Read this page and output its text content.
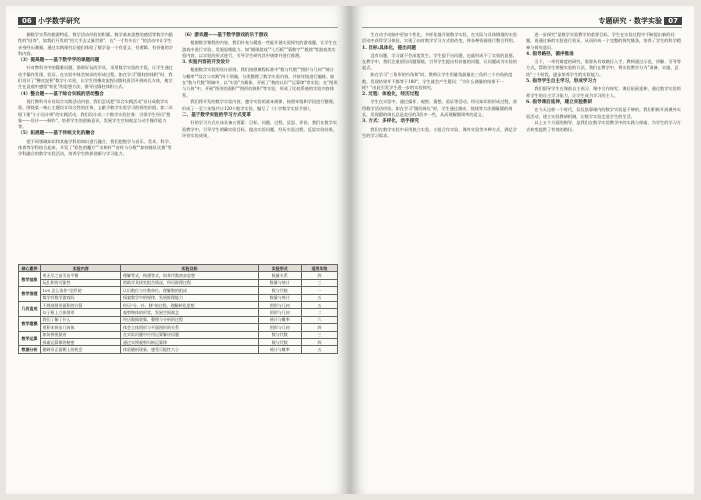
06 小学数学研究

掘数学实系的根源特征，数学活动经验的积累。数学基本思想的感悟等数学内隐性的"回答"，如我们开发的"用大手去丈量世界"，在"一寸有多长？"的活动中让学生亲身经历测量，通过实践探究让他们体验了数学是一个有意义、有逻辑、有价值的学科内容。

（3）提高题——基于数学学的课题问题

针对教科书中的疑难问题，借助好玩的学具，采用数学实验的手段，让学生通过动手操作发现、验证，在实验中体会知识的形成过程。如在学习"圆柱的体积"时，我们设计了"橡皮泥积"数学小实验，让学生用橡皮泥捏出圆柱再切开拼成长方体，使学生在直观中感悟"转化"的思想方法，推导出圆柱体积公式。

（4）整合题——基于综合实践的活动整合

现行教科书专设综合实践活动内容，我们尝试把"综合实践活动"设计成数学实验，围绕某一核心主题设计综合性的任务，义献予数学实验学习的探究价值。如二年级下册"小小设计师"的实践活动，我们设计成二个数学实验任务：引领学生经历"想象——设计——制作"，培养学生的创新意识，发展学生空间观念与动手操作能力等。

（5）拓展题——基于传统文化的融合

把不同领域知识和其他学科的知识进行融合，我们把数学与音乐、美术、科学、体育等学科结合起来，开发了"彩色的魔方""水和杯""音符与分数""如何排队比赛"等学科融合的数学实验活动，培养学生跨界创新与学习能力。

（6）游戏题——基于数学游戏的乐于游戏

根据数学课程的内容，我们补充与精选一些能开展实验探究的游戏题，让学生在游戏中进行实验，发展思维能力。如"摸球游戏""七巧板""猜数字""数独"等游戏类实验内容，以实验的形式进行，引导学生研究其中规律并进行推理。

3. 实验内容的开发设计

根据数学实验的设计原则，我们按照课程标准中"数与代数""图形与几何""统计与概率""综合与实践"四个领域，分类整理了数学实验内容，并按年级进行编排。如在"数与代数"领域中，以"实验"为载体，开展了"数的认识""运算律"等实验；在"图形与几何"中，开展"图形的面积""图形的体积"等实验，形成了比较系统的实验内容体系。

我们将开发的数学实验内容，遵守实验的基本规律，按照年级和学段进行整理，形成了一至六年级共计120个数学实验，编写了《小学数学实验手册》。

二、基于数学实验的学习方式变革

好的学习方式应该具备五要素：目标、问题、过程、反思、评价。我们在数学实验教学中，引导学生明确实验目标，提出实验问题，经历实验过程，反思实验结果，评价实验成果。

核心素养	实验内容	实验目标	实验形式	适用年级
数学抽象	用无尽之苗引出平衡	理解等式，构建等式，培养代数初步思想	数量关系	四
	玩扎积的可能性	借助学具探究组合情况，经历推理过程	数量与统计	三
数学推理	100 怎么读作"完形说"	认识数位与计数单位，理解数的组成	数与代数	一
	数学有数学游戏吗	探索数学中的规律，发展推理能力	数量与统计	五
几何直观	不规则图形面积的计算	经历"分、补、移"的过程，理解转化思想	图形与几何	五
	勾子板上立体图形	观察物体的形状，发展空间观念	图形与几何	二
数学建模	我们了解了什么	经历数据收集、整理与分析的过程	统计与概率	六
	用积木拼出几何体	体会立体图形与平面图形的关系	图形与几何	四
数学运算	如何拼图最省	在实际问题中应用运算解决问题	数与代数	三
	探索运算律的秘密	通过实例观察归纳运算律	数与代数	四
数据分析	抛硬币正面朝上的机会	体验随机现象，感受可能性大小	统计与概率	五
专题研究 · 数学实验 07

生在动手动脑中更加个性化，多样化地开展数学实验，在实际与具体情境的实验活动中获得学习体验，实现了向对数学学习方式的改变，将各种资源进行整合利用。

1. 目标:具体化，提出问题

没有问题，学习就不会深度发生。学生提不出问题，也就形成不了实验的意愿。在教学中，我们注重创设问题情境，引导学生提出有价值的问题，让问题成为实验的起点。

如在学习"三角形的内角和"时，教师让学生用量角器量出三角形三个内角的度数，发现结果并不都等于180°，学生就会产生疑问："为什么测量的结果不一样？"由此引发学生进一步的实验探究。

2. 过程：体验化，经历过程

学生在实验中，通过操作、观察、猜想、验证等活动，经历知识的形成过程，获得数学活动经验。如在学习"圆的周长"时，学生通过滚动、绕线等方法测量圆的周长，发现圆的周长总是直径的3倍多一些，从而理解圆周率的意义。

3. 方式：多样化，动手探究

我们在数学实验中采用独立实验、小组合作实验、课外实验等多种方式，满足学生的学习需求。

进一步探究"是数学实验教学的重要目标。学生在实验过程中不断提出新的问题，再通过新的实验进行验证，从而形成一个完整的探究链条，培养了学生的科学精神与探究意识。

4. 指导路径，循序推进

当下，一项有难度的研究，需要从有效路径入手，教师通过示范、讲解、引导等方式，帮助学生掌握实验的方法。我们在教学中，将实验教学分为"准备、实施、总结"三个阶段，逐步培养学生的实验能力。

5. 指导学生自主学习，形成学习力

我们倡导学生在课前自主预习、课中合作探究、课后拓展延伸，通过数学实验培养学生的自主学习能力，让学生成为学习的主人。

6. 指导课后延伸，建立实验教研

在今天这样一个时代，仅仅依靠课内的数学实验是不够的。我们积极开展课外实验活动，建立实验教研机制，让数学实验走进学生的生活。

以上五个方面的指导，是我们在数学实验教学中的实践与探索，为学生的学习方式转变提供了有效的路径。
